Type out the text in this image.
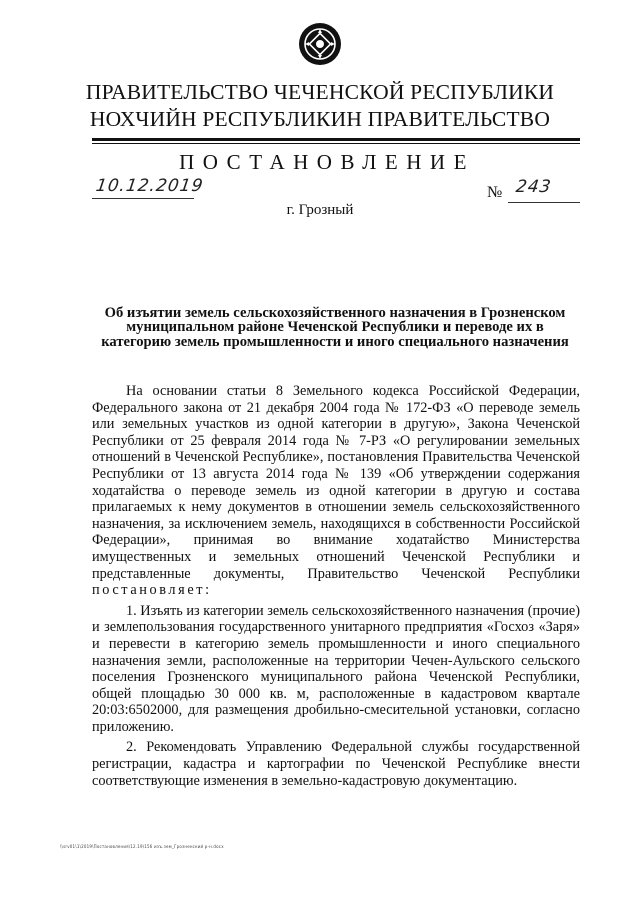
ПРАВИТЕЛЬСТВО ЧЕЧЕНСКОЙ РЕСПУБЛИКИ
НОХЧИЙН РЕСПУБЛИКИН ПРАВИТЕЛЬСТВО
ПОСТАНОВЛЕНИЕ
10.12.2019	№ 243
г. Грозный
Об изъятии земель сельскохозяйственного назначения в Грозненском муниципальном районе Чеченской Республики и переводе их в категорию земель промышленности и иного специального назначения

На основании статьи 8 Земельного кодекса Российской Федерации, Федерального закона от 21 декабря 2004 года № 172-ФЗ «О переводе земель или земельных участков из одной категории в другую», Закона Чеченской Республики от 25 февраля 2014 года № 7-РЗ «О регулировании земельных отношений в Чеченской Республике», постановления Правительства Чеченской Республики от 13 августа 2014 года № 139 «Об утверждении содержания ходатайства о переводе земель из одной категории в другую и состава прилагаемых к нему документов в отношении земель сельскохозяйственного назначения, за исключением земель, находящихся в собственности Российской Федерации», принимая во внимание ходатайство Министерства имущественных и земельных отношений Чеченской Республики и представленные документы, Правительство Чеченской Республики постановляет:

1. Изъять из категории земель сельскохозяйственного назначения (прочие) и землепользования государственного унитарного предприятия «Госхоз «Заря» и перевести в категорию земель промышленности и иного специального назначения земли, расположенные на территории Чечен-Аульского сельского поселения Грозненского муниципального района Чеченской Республики, общей площадью 30 000 кв. м, расположенные в кадастровом квартале 20:03:6502000, для размещения дробильно-смесительной установки, согласно приложению.

2. Рекомендовать Управлению Федеральной службы государственной регистрации, кадастра и картографии по Чеченской Республике внести соответствующие изменения в земельно-кадастровую документацию.

\\srv01\1\2019\Постановления\12.19\156 изъ.зем_Грозненский р-н.docx
